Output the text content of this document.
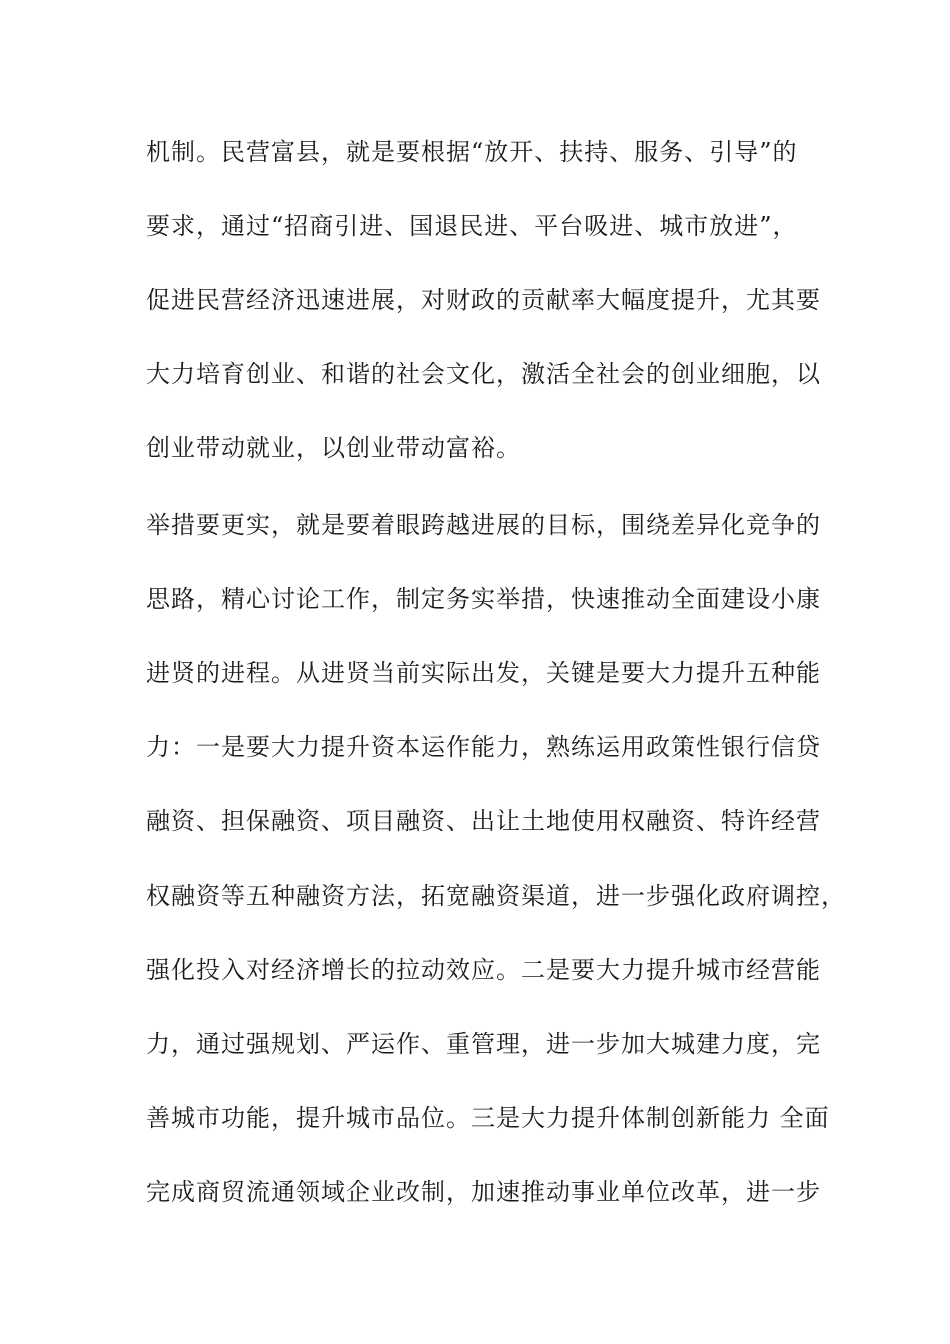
机制。民营富县，就是要根据“放开、扶持、服务、引导”的

要求，通过“招商引进、国退民进、平台吸进、城市放进”，

促进民营经济迅速进展，对财政的贡献率大幅度提升，尤其要

大力培育创业、和谐的社会文化，激活全社会的创业细胞，以

创业带动就业，以创业带动富裕。

举措要更实，就是要着眼跨越进展的目标，围绕差异化竞争的

思路，精心讨论工作，制定务实举措，快速推动全面建设小康

进贤的进程。从进贤当前实际出发，关键是要大力提升五种能

力：一是要大力提升资本运作能力，熟练运用政策性银行信贷

融资、担保融资、项目融资、出让土地使用权融资、特许经营

权融资等五种融资方法，拓宽融资渠道，进一步强化政府调控，

强化投入对经济增长的拉动效应。二是要大力提升城市经营能

力，通过强规划、严运作、重管理，进一步加大城建力度，完

善城市功能，提升城市品位。三是大力提升体制创新能力 全面

完成商贸流通领域企业改制，加速推动事业单位改革，进一步
